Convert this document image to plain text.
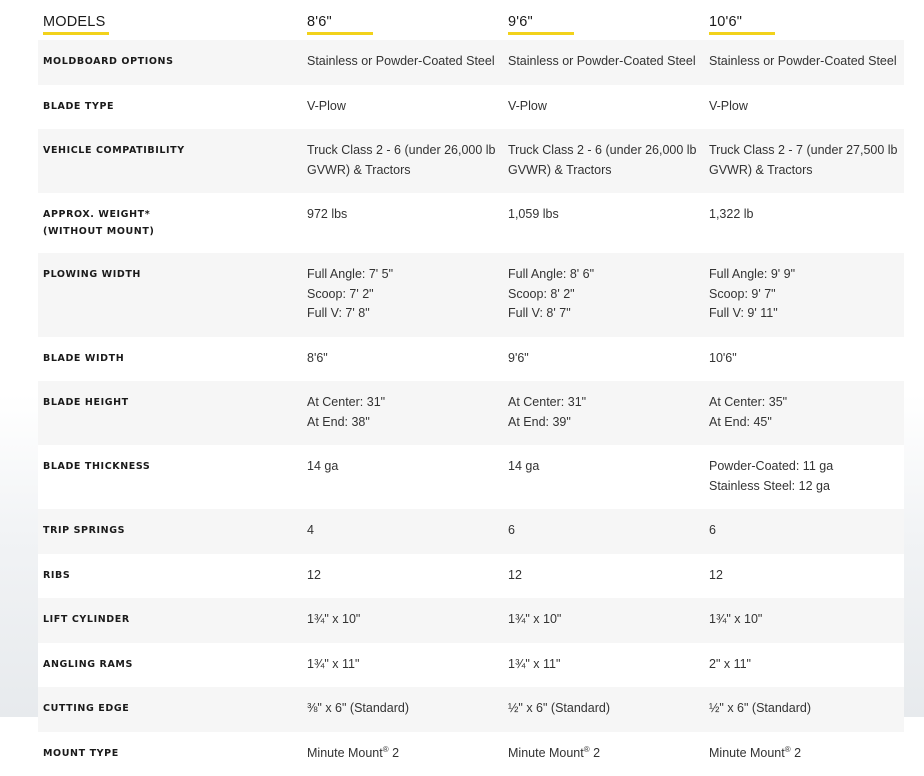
MODELS	8'6"	9'6"	10'6"

MOLDBOARD OPTIONS	Stainless or Powder-Coated Steel	Stainless or Powder-Coated Steel	Stainless or Powder-Coated Steel

BLADE TYPE	V-Plow	V-Plow	V-Plow

VEHICLE COMPATIBILITY	Truck Class 2 - 6 (under 26,000 lb
GVWR) & Tractors	Truck Class 2 - 6 (under 26,000 lb
GVWR) & Tractors	Truck Class 2 - 7 (under 27,500 lb
GVWR) & Tractors

APPROX. WEIGHT*
(WITHOUT MOUNT)	972 lbs	1,059 lbs	1,322 lb

PLOWING WIDTH	Full Angle: 7' 5"
Scoop: 7' 2"
Full V: 7' 8"	Full Angle: 8' 6"
Scoop: 8' 2"
Full V: 8' 7"	Full Angle: 9' 9"
Scoop: 9' 7"
Full V: 9' 11"

BLADE WIDTH	8'6"	9'6"	10'6"

BLADE HEIGHT	At Center: 31"
At End: 38"	At Center: 31"
At End: 39"	At Center: 35"
At End: 45"

BLADE THICKNESS	14 ga	14 ga	Powder-Coated: 11 ga
Stainless Steel: 12 ga

TRIP SPRINGS	4	6	6

RIBS	12	12	12

LIFT CYLINDER	1¾" x 10"	1¾" x 10"	1¾" x 10"

ANGLING RAMS	1¾" x 11"	1¾" x 11"	2" x 11"

CUTTING EDGE	⅜" x 6" (Standard)	½" x 6" (Standard)	½" x 6" (Standard)

MOUNT TYPE	Minute Mount® 2	Minute Mount® 2	Minute Mount® 2
